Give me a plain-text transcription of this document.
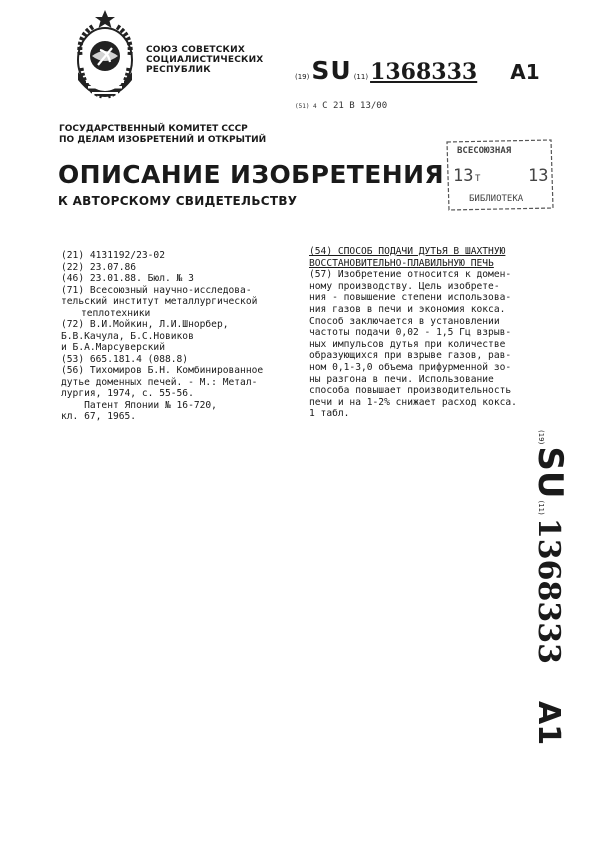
СОЮЗ СОВЕТСКИХ
СОЦИАЛИСТИЧЕСКИХ
РЕСПУБЛИК
(19) SU (11) 1368333 A1
(51) 4 С 21 В 13/00
ГОСУДАРСТВЕННЫЙ КОМИТЕТ СССР
ПО ДЕЛАМ ИЗОБРЕТЕНИЙ И ОТКРЫТИЙ
ОПИСАНИЕ ИЗОБРЕТЕНИЯ
К АВТОРСКОМУ СВИДЕТЕЛЬСТВУ
ВСЕСОЮЗНАЯ
13 Т	13
БИБЛИОТЕКА
(21) 4131192/23-02
(22) 23.07.86
(46) 23.01.88. Бюл. № 3
(71) Всесоюзный научно-исследова-
тельский институт металлургической
теплотехники
(72) В.И.Мойкин, Л.И.Шнорбер,
Б.В.Качула, Б.С.Новиков
и Б.А.Марсуверский
(53) 665.181.4 (088.8)
(56) Тихомиров Б.Н. Комбинированное
дутье доменных печей. - М.: Метал-
лургия, 1974, с. 55-56.
Патент Японии № 16-720,
кл. 67, 1965.
(54) СПОСОБ ПОДАЧИ ДУТЬЯ В ШАХТНУЮ
ВОССТАНОВИТЕЛЬНО-ПЛАВИЛЬНУЮ ПЕЧЬ
(57) Изобретение относится к домен-
ному производству. Цель изобрете-
ния - повышение степени использова-
ния газов в печи и экономия кокса.
Способ заключается в установлении
частоты подачи 0,02 - 1,5 Гц взрыв-
ных импульсов дутья при количестве
образующихся при взрыве газов, рав-
ном 0,1-3,0 объема прифурменной зо-
ны разгона в печи. Использование
способа повышает производительность
печи и на 1-2% снижает расход кокса.
1 табл.
(19)
SU
(11)
1368333
A1
